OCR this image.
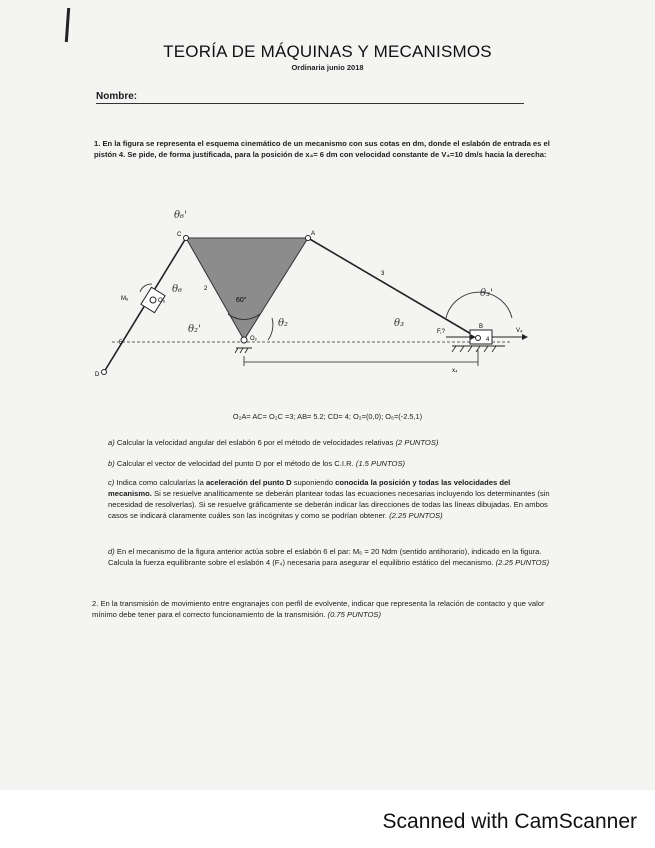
TEORÍA DE MÁQUINAS Y MECANISMOS
Ordinaria junio 2018
Nombre:
1. En la figura se representa el esquema cinemático de un mecanismo con sus cotas en dm, donde el eslabón de entrada es el pistón 4. Se pide, de forma justificada, para la posición de x₄= 6 dm con velocidad constante de V₄=10 dm/s hacia la derecha:
A
C
B
D
2
3
4
5
O₂
O₆
M₆	60°
F,?	V₄
x₄
θ₆'
θ₆
θ₂'
θ₂	θ₃
θ₃'
O₂A= AC= O₂C =3; AB= 5.2; CD= 4; O₂=(0,0); O₆=(-2.5,1)
a) Calcular la velocidad angular del eslabón 6 por el método de velocidades relativas (2 PUNTOS)
b) Calcular el vector de velocidad del punto D por el método de los C.I.R. (1.5 PUNTOS)
c) Indica como calcularías la aceleración del punto D suponiendo conocida la posición y todas las velocidades del mecanismo. Si se resuelve analíticamente se deberán plantear todas las ecuaciones necesarias incluyendo los determinantes (sin necesidad de resolverlas). Si se resuelve gráficamente se deberán indicar las direcciones de todas las líneas dibujadas. En ambos casos se indicará claramente cuáles son las incógnitas y como se podrían obtener. (2.25 PUNTOS)
d) En el mecanismo de la figura anterior actúa sobre el eslabón 6 el par: M₆ = 20 Ndm (sentido antihorario), indicado en la figura. Calcula la fuerza equilibrante sobre el eslabón 4 (F₄) necesaria para asegurar el equilibrio estático del mecanismo. (2.25 PUNTOS)
2. En la transmisión de movimiento entre engranajes con perfil de evolvente, indicar que representa la relación de contacto y que valor mínimo debe tener para el correcto funcionamiento de la transmisión. (0.75 PUNTOS)
Scanned with CamScanner
